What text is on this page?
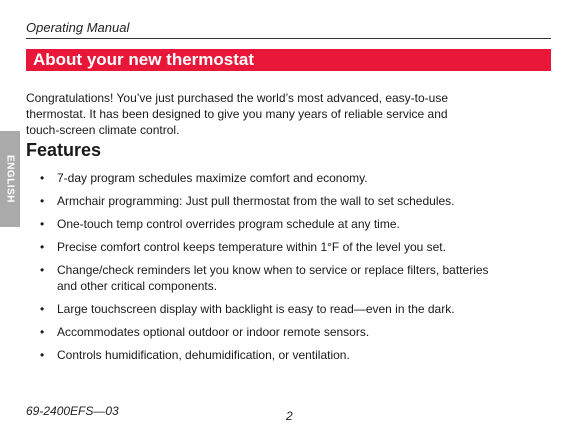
Operating Manual
About your new thermostat
ENGLISH

Congratulations! You’ve just purchased the world’s most advanced, easy-to-use thermostat. It has been designed to give you many years of reliable service and touch-screen climate control.

Features
• 7-day program schedules maximize comfort and economy.
• Armchair programming: Just pull thermostat from the wall to set schedules.
• One-touch temp control overrides program schedule at any time.
• Precise comfort control keeps temperature within 1°F of the level you set.
• Change/check reminders let you know when to service or replace filters, batteries and other critical components.
• Large touchscreen display with backlight is easy to read—even in the dark.
• Accommodates optional outdoor or indoor remote sensors.
• Controls humidification, dehumidification, or ventilation.
69-2400EFS—03	2
